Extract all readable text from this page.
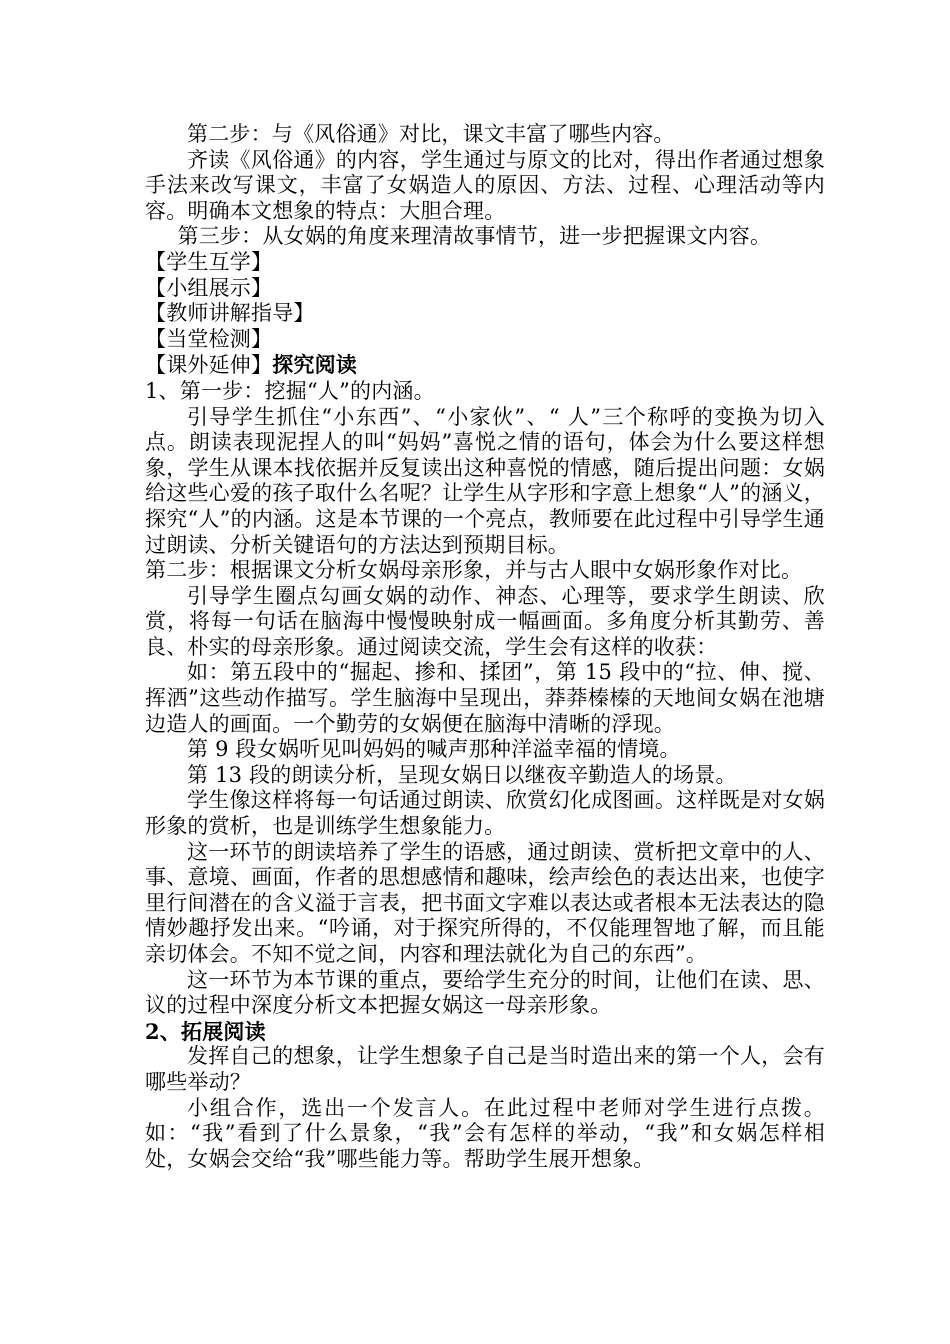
第二步：与《风俗通》对比，课文丰富了哪些内容。

齐读《风俗通》的内容，学生通过与原文的比对，得出作者通过想象手法来改写课文，丰富了女娲造人的原因、方法、过程、心理活动等内容。明确本文想象的特点：大胆合理。

第三步：从女娲的角度来理清故事情节，进一步把握课文内容。

【学生互学】

【小组展示】

【教师讲解指导】

【当堂检测】

【课外延伸】探究阅读

1、第一步：挖掘“人”的内涵。

引导学生抓住“小东西”、“小家伙”、“ 人”三个称呼的变换为切入点。朗读表现泥捏人的叫“妈妈”喜悦之情的语句，体会为什么要这样想象，学生从课本找依据并反复读出这种喜悦的情感，随后提出问题：女娲给这些心爱的孩子取什么名呢？让学生从字形和字意上想象“人”的涵义，探究“人”的内涵。这是本节课的一个亮点，教师要在此过程中引导学生通过朗读、分析关键语句的方法达到预期目标。

第二步：根据课文分析女娲母亲形象，并与古人眼中女娲形象作对比。

引导学生圈点勾画女娲的动作、神态、心理等，要求学生朗读、欣赏，将每一句话在脑海中慢慢映射成一幅画面。多角度分析其勤劳、善良、朴实的母亲形象。通过阅读交流，学生会有这样的收获：

如：第五段中的“掘起、掺和、揉团”，第 15 段中的“拉、伸、搅、挥洒”这些动作描写。学生脑海中呈现出，莽莽榛榛的天地间女娲在池塘边造人的画面。一个勤劳的女娲便在脑海中清晰的浮现。

第 9 段女娲听见叫妈妈的喊声那种洋溢幸福的情境。

第 13 段的朗读分析，呈现女娲日以继夜辛勤造人的场景。

学生像这样将每一句话通过朗读、欣赏幻化成图画。这样既是对女娲形象的赏析，也是训练学生想象能力。

这一环节的朗读培养了学生的语感，通过朗读、赏析把文章中的人、事、意境、画面，作者的思想感情和趣味，绘声绘色的表达出来，也使字里行间潜在的含义溢于言表，把书面文字难以表达或者根本无法表达的隐情妙趣抒发出来。“吟诵，对于探究所得的，不仅能理智地了解，而且能亲切体会。不知不觉之间，内容和理法就化为自己的东西”。

这一环节为本节课的重点，要给学生充分的时间，让他们在读、思、议的过程中深度分析文本把握女娲这一母亲形象。

2、拓展阅读

发挥自己的想象，让学生想象子自己是当时造出来的第一个人，会有哪些举动？

小组合作，选出一个发言人。在此过程中老师对学生进行点拨。如：“我”看到了什么景象，“我”会有怎样的举动，“我”和女娲怎样相处，女娲会交给“我”哪些能力等。帮助学生展开想象。
